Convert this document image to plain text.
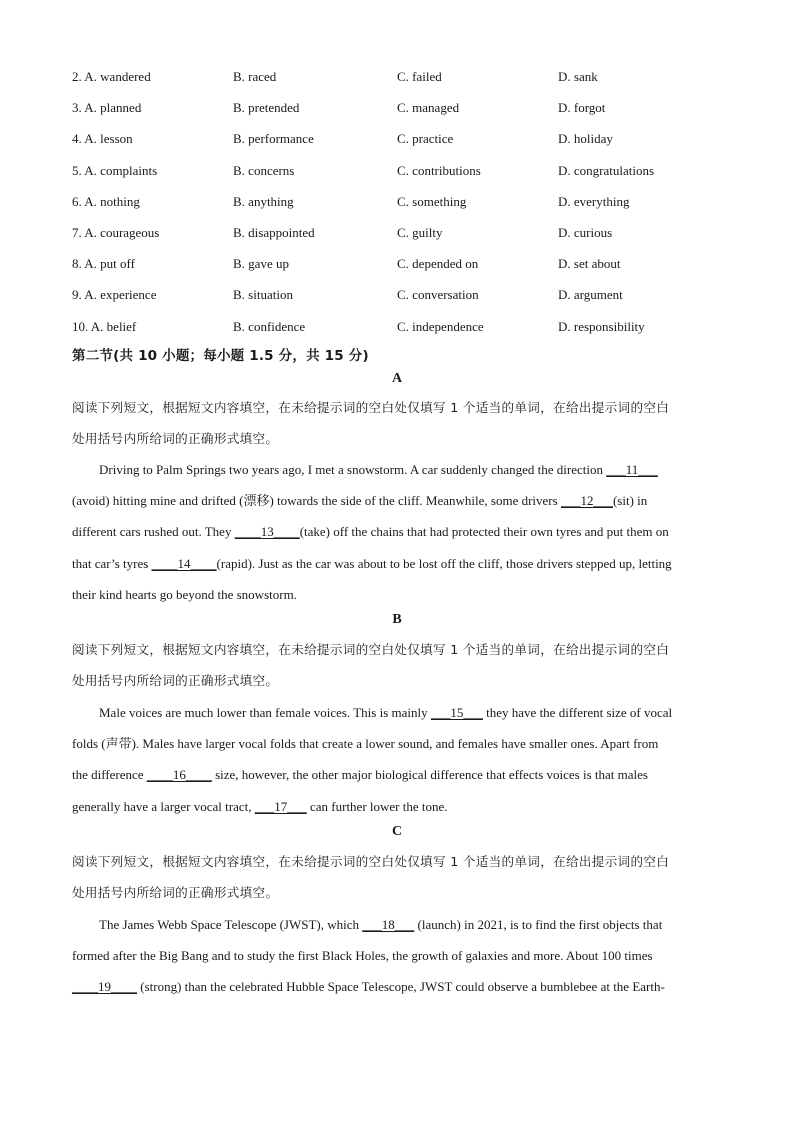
2. A. wandered	B. raced	C. failed	D. sank
3. A. planned	B. pretended	C. managed	D. forgot
4. A. lesson	B. performance	C. practice	D. holiday
5. A. complaints	B. concerns	C. contributions	D. congratulations
6. A. nothing	B. anything	C. something	D. everything
7. A. courageous	B. disappointed	C. guilty	D. curious
8. A. put off	B. gave up	C. depended on	D. set about
9. A. experience	B. situation	C. conversation	D. argument
10. A. belief	B. confidence	C. independence	D. responsibility
第二节(共 10 小题；每小题 1.5 分，共 15 分)
A
阅读下列短文，根据短文内容填空，在未给提示词的空白处仅填写 1 个适当的单词，在给出提示词的空白
处用括号内所给词的正确形式填空。
Driving to Palm Springs two years ago, I met a snowstorm. A car suddenly changed the direction ___11___
(avoid) hitting mine and drifted (漂移) towards the side of the cliff. Meanwhile, some drivers ___12___(sit) in
different cars rushed out. They ____13____(take) off the chains that had protected their own tyres and put them on
that car’s tyres ____14____(rapid). Just as the car was about to be lost off the cliff, those drivers stepped up, letting
their kind hearts go beyond the snowstorm.
B
阅读下列短文，根据短文内容填空，在未给提示词的空白处仅填写 1 个适当的单词，在给出提示词的空白
处用括号内所给词的正确形式填空。
Male voices are much lower than female voices. This is mainly ___15___ they have the different size of vocal
folds (声带). Males have larger vocal folds that create a lower sound, and females have smaller ones. Apart from
the difference ____16____ size, however, the other major biological difference that effects voices is that males
generally have a larger vocal tract, ___17___ can further lower the tone.
C
阅读下列短文，根据短文内容填空，在未给提示词的空白处仅填写 1 个适当的单词，在给出提示词的空白
处用括号内所给词的正确形式填空。
The James Webb Space Telescope (JWST), which ___18___ (launch) in 2021, is to find the first objects that
formed after the Big Bang and to study the first Black Holes, the growth of galaxies and more. About 100 times
____19____ (strong) than the celebrated Hubble Space Telescope, JWST could observe a bumblebee at the Earth-
